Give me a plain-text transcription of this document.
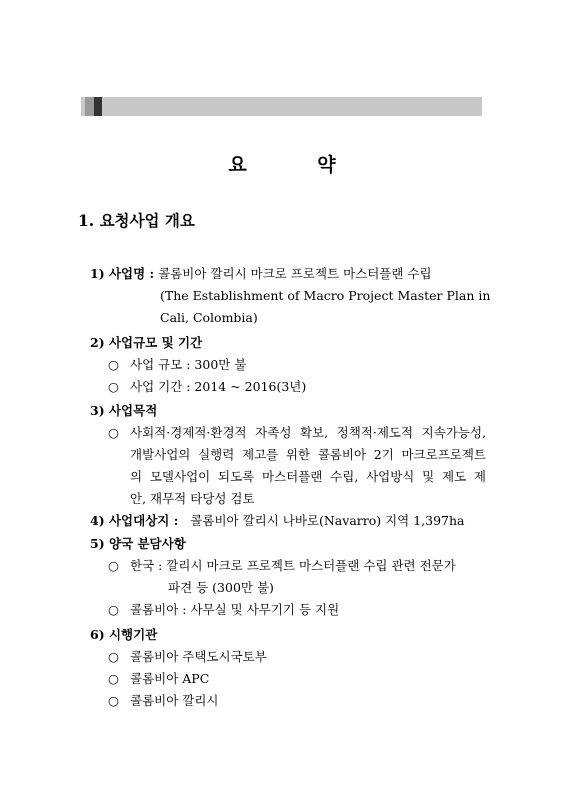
요 약
1. 요청사업 개요
1) 사업명 : 콜롬비아 깔리시 마크로 프로젝트 마스터플랜 수립
(The Establishment of Macro Project Master Plan in
Cali, Colombia)
2) 사업규모 및 기간
○ 사업 규모 : 300만 불
○ 사업 기간 : 2014 ~ 2016(3년)
3) 사업목적
○ 사회적·경제적·환경적 자족성 확보, 정책적·제도적 지속가능성,
개발사업의 실행력 제고를 위한 콜롬비아 2기 마크로프로젝트
의 모델사업이 되도록 마스터플랜 수립, 사업방식 및 제도 제
안, 재무적 타당성 검토
4) 사업대상지 : 콜롬비아 깔리시 나바로(Navarro) 지역 1,397ha
5) 양국 분담사항
○ 한국 : 깔리시 마크로 프로젝트 마스터플랜 수립 관련 전문가
파견 등 (300만 불)
○ 콜롬비아 : 사무실 및 사무기기 등 지원
6) 시행기관
○ 콜롬비아 주택도시국토부
○ 콜롬비아 APC
○ 콜롬비아 깔리시
